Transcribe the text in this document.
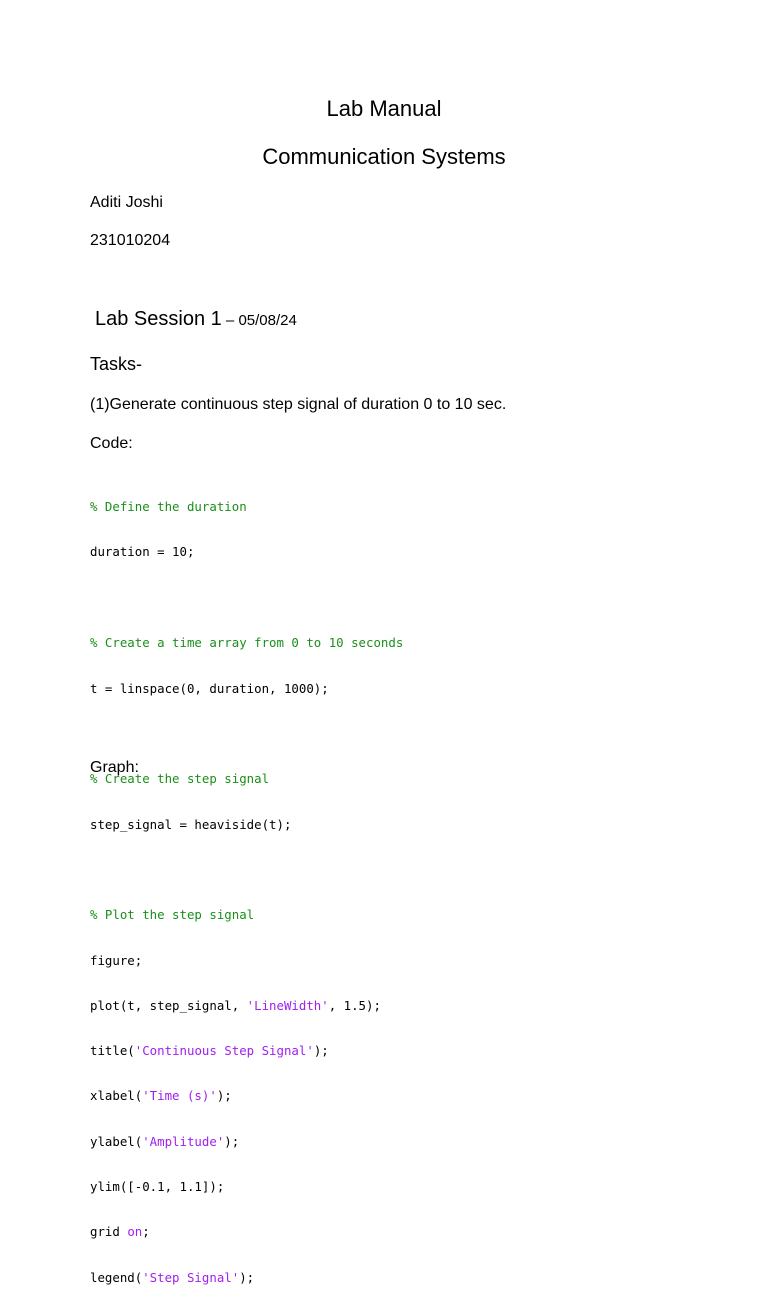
Lab Manual
Communication Systems
Aditi Joshi
231010204
Lab Session 1 – 05/08/24
Tasks-
(1)Generate continuous step signal of duration 0 to 10 sec.
Code:

% Define the duration

duration = 10;

% Create a time array from 0 to 10 seconds

t = linspace(0, duration, 1000);

% Create the step signal

step_signal = heaviside(t);

% Plot the step signal

figure;

plot(t, step_signal, 'LineWidth', 1.5);

title('Continuous Step Signal');

xlabel('Time (s)');

ylabel('Amplitude');

ylim([-0.1, 1.1]);

grid on;

legend('Step Signal');

Graph:
